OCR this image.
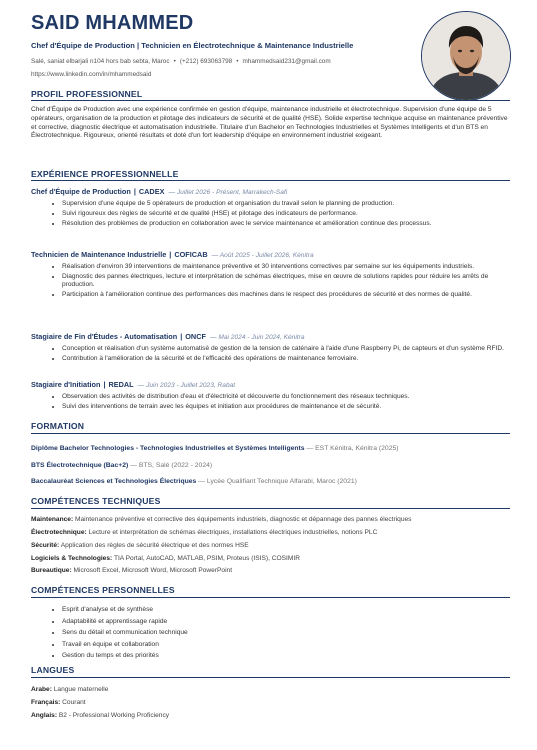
SAID MHAMMED
Chef d'Équipe de Production | Technicien en Électrotechnique & Maintenance Industrielle
Salé, saniat elbarjali n104 hors bab sebta, Maroc • (+212) 693063798 • mhammedsaid231@gmail.com
https://www.linkedin.com/in/mhammedsaid
PROFIL PROFESSIONNEL
Chef d'Équipe de Production avec une expérience confirmée en gestion d'équipe, maintenance industrielle et électrotechnique. Supervision d'une équipe de 5 opérateurs, organisation de la production et pilotage des indicateurs de sécurité et de qualité (HSE). Solide expertise technique acquise en maintenance préventive et corrective, diagnostic électrique et automatisation industrielle. Titulaire d'un Bachelor en Technologies Industrielles et Systèmes Intelligents et d'un BTS en Électrotechnique. Rigoureux, orienté résultats et doté d'un fort leadership d'équipe en environnement industriel exigeant.
EXPÉRIENCE PROFESSIONNELLE
Chef d'Équipe de Production | CADEX — Juillet 2026 - Présent, Marrakech-Safi
• Supervision d'une équipe de 5 opérateurs de production et organisation du travail selon le planning de production.
• Suivi rigoureux des règles de sécurité et de qualité (HSE) et pilotage des indicateurs de performance.
• Résolution des problèmes de production en collaboration avec le service maintenance et amélioration continue des processus.
Technicien de Maintenance Industrielle | COFICAB — Août 2025 - Juillet 2026, Kénitra
• Réalisation d'environ 39 interventions de maintenance préventive et 30 interventions correctives par semaine sur les équipements industriels.
• Diagnostic des pannes électriques, lecture et interprétation de schémas électriques, mise en œuvre de solutions rapides pour réduire les arrêts de production.
• Participation à l'amélioration continue des performances des machines dans le respect des procédures de sécurité et des normes de qualité.
Stagiaire de Fin d'Études - Automatisation | ONCF — Mai 2024 - Juin 2024, Kénitra
• Conception et réalisation d'un système automatisé de gestion de la tension de caténaire à l'aide d'une Raspberry Pi, de capteurs et d'un système RFID.
• Contribution à l'amélioration de la sécurité et de l'efficacité des opérations de maintenance ferroviaire.
Stagiaire d'Initiation | REDAL — Juin 2023 - Juillet 2023, Rabat
• Observation des activités de distribution d'eau et d'électricité et découverte du fonctionnement des réseaux techniques.
• Suivi des interventions de terrain avec les équipes et initiation aux procédures de maintenance et de sécurité.
FORMATION
Diplôme Bachelor Technologies - Technologies Industrielles et Systèmes Intelligents — EST Kénitra, Kénitra (2025)
BTS Électrotechnique (Bac+2) — BTS, Salé (2022 - 2024)
Baccalauréat Sciences et Technologies Électriques — Lycée Qualifiant Technique Alfarabi, Maroc (2021)
COMPÉTENCES TECHNIQUES
Maintenance: Maintenance préventive et corrective des équipements industriels, diagnostic et dépannage des pannes électriques
Électrotechnique: Lecture et interprétation de schémas électriques, installations électriques industrielles, notions PLC
Sécurité: Application des règles de sécurité électrique et des normes HSE
Logiciels & Technologies: TIA Portal, AutoCAD, MATLAB, PSIM, Proteus (ISIS), COSIMIR
Bureautique: Microsoft Excel, Microsoft Word, Microsoft PowerPoint
COMPÉTENCES PERSONNELLES
• Esprit d'analyse et de synthèse
• Adaptabilité et apprentissage rapide
• Sens du détail et communication technique
• Travail en équipe et collaboration
• Gestion du temps et des priorités
LANGUES
Arabe: Langue maternelle
Français: Courant
Anglais: B2 - Professional Working Proficiency
